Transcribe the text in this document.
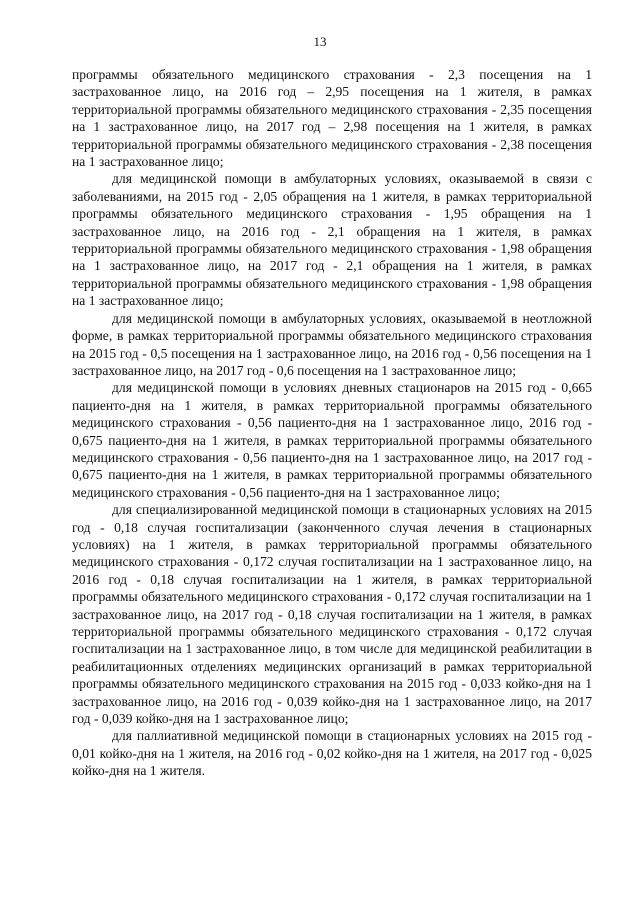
13

программы обязательного медицинского страхования - 2,3 посещения на 1 застрахованное лицо, на 2016 год – 2,95 посещения на 1 жителя, в рамках территориальной программы обязательного медицинского страхования - 2,35 посещения на 1 застрахованное лицо, на 2017 год – 2,98 посещения на 1 жителя, в рамках территориальной программы обязательного медицинского страхования - 2,38 посещения на 1 застрахованное лицо;

для медицинской помощи в амбулаторных условиях, оказываемой в связи с заболеваниями, на 2015 год - 2,05 обращения на 1 жителя, в рамках территориальной программы обязательного медицинского страхования - 1,95 обращения на 1 застрахованное лицо, на 2016 год - 2,1 обращения на 1 жителя, в рамках территориальной программы обязательного медицинского страхования - 1,98 обращения на 1 застрахованное лицо, на 2017 год - 2,1 обращения на 1 жителя, в рамках территориальной программы обязательного медицинского страхования - 1,98 обращения на 1 застрахованное лицо;

для медицинской помощи в амбулаторных условиях, оказываемой в неотложной форме, в рамках территориальной программы обязательного медицинского страхования на 2015 год - 0,5 посещения на 1 застрахованное лицо, на 2016 год - 0,56 посещения на 1 застрахованное лицо, на 2017 год - 0,6 посещения на 1 застрахованное лицо;

для медицинской помощи в условиях дневных стационаров на 2015 год - 0,665 пациенто-дня на 1 жителя, в рамках территориальной программы обязательного медицинского страхования - 0,56 пациенто-дня на 1 застрахованное лицо, 2016 год - 0,675 пациенто-дня на 1 жителя, в рамках территориальной программы обязательного медицинского страхования - 0,56 пациенто-дня на 1 застрахованное лицо, на 2017 год - 0,675 пациенто-дня на 1 жителя, в рамках территориальной программы обязательного медицинского страхования - 0,56 пациенто-дня на 1 застрахованное лицо;

для специализированной медицинской помощи в стационарных условиях на 2015 год - 0,18 случая госпитализации (законченного случая лечения в стационарных условиях) на 1 жителя, в рамках территориальной программы обязательного медицинского страхования - 0,172 случая госпитализации на 1 застрахованное лицо, на 2016 год - 0,18 случая госпитализации на 1 жителя, в рамках территориальной программы обязательного медицинского страхования - 0,172 случая госпитализации на 1 застрахованное лицо, на 2017 год - 0,18 случая госпитализации на 1 жителя, в рамках территориальной программы обязательного медицинского страхования - 0,172 случая госпитализации на 1 застрахованное лицо, в том числе для медицинской реабилитации в реабилитационных отделениях медицинских организаций в рамках территориальной программы обязательного медицинского страхования на 2015 год - 0,033 койко-дня на 1 застрахованное лицо, на 2016 год - 0,039 койко-дня на 1 застрахованное лицо, на 2017 год - 0,039 койко-дня на 1 застрахованное лицо;

для паллиативной медицинской помощи в стационарных условиях на 2015 год - 0,01 койко-дня на 1 жителя, на 2016 год - 0,02 койко-дня на 1 жителя, на 2017 год - 0,025 койко-дня на 1 жителя.
